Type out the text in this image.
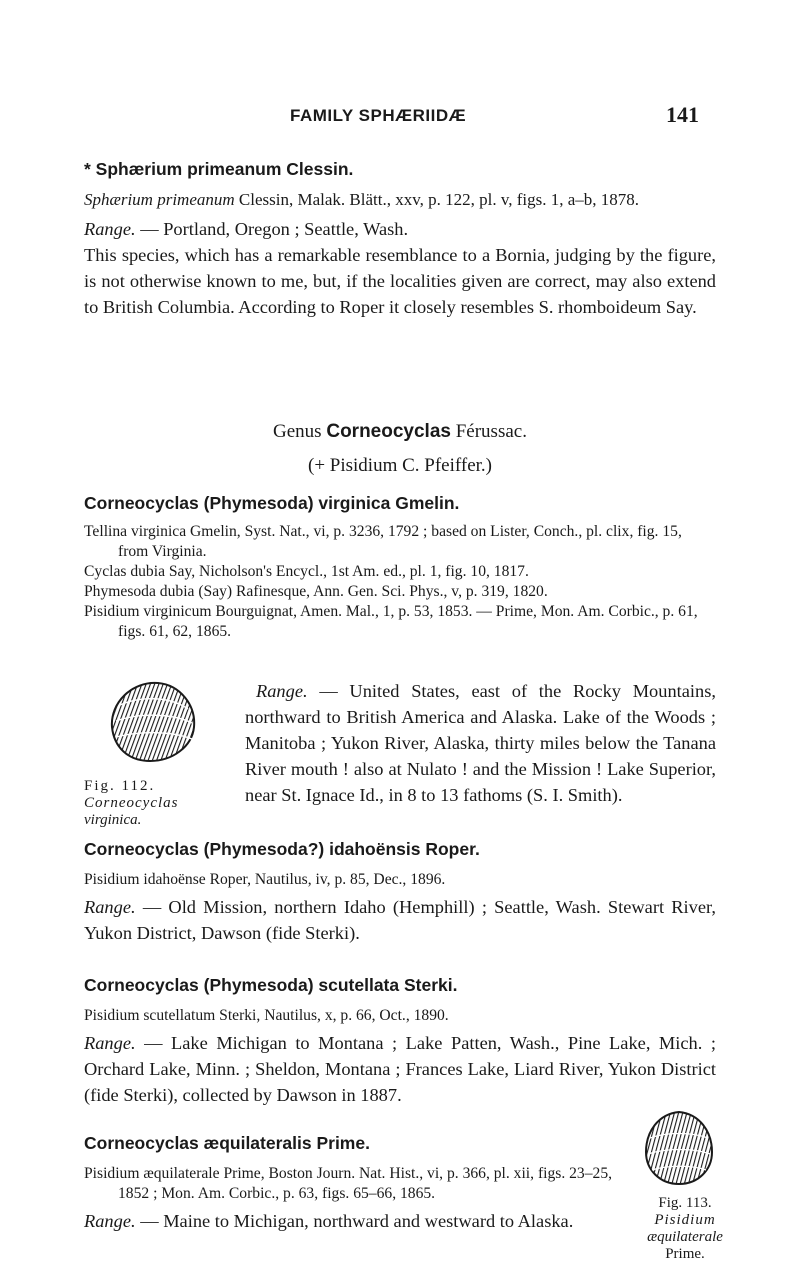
FAMILY SPHÆRIIDÆ	141
* Sphærium primeanum Clessin.

Sphærium primeanum Clessin, Malak. Blätt., xxv, p. 122, pl. v, figs. 1, a–b, 1878.

Range. — Portland, Oregon ; Seattle, Wash.

This species, which has a remarkable resemblance to a Bornia, judging by the figure, is not otherwise known to me, but, if the localities given are correct, may also extend to British Columbia. According to Roper it closely resembles S. rhomboideum Say.

Genus Corneocyclas Férussac.
(+ Pisidium C. Pfeiffer.)
Corneocyclas (Phymesoda) virginica Gmelin.

Tellina virginica Gmelin, Syst. Nat., vi, p. 3236, 1792 ; based on Lister, Conch., pl. clix, fig. 15, from Virginia.

Cyclas dubia Say, Nicholson's Encycl., 1st Am. ed., pl. 1, fig. 10, 1817.

Phymesoda dubia (Say) Rafinesque, Ann. Gen. Sci. Phys., v, p. 319, 1820.

Pisidium virginicum Bourguignat, Amen. Mal., 1, p. 53, 1853. — Prime, Mon. Am. Corbic., p. 61, figs. 61, 62, 1865.

Fig. 112.
Corneocyclas
virginica.

Range. — United States, east of the Rocky Mountains, northward to British America and Alaska. Lake of the Woods ; Manitoba ; Yukon River, Alaska, thirty miles below the Tanana River mouth ! also at Nulato ! and the Mission ! Lake Superior, near St. Ignace Id., in 8 to 13 fathoms (S. I. Smith).

Corneocyclas (Phymesoda?) idahoënsis Roper.

Pisidium idahoënse Roper, Nautilus, iv, p. 85, Dec., 1896.

Range. — Old Mission, northern Idaho (Hemphill) ; Seattle, Wash. Stewart River, Yukon District, Dawson (fide Sterki).

Corneocyclas (Phymesoda) scutellata Sterki.

Pisidium scutellatum Sterki, Nautilus, x, p. 66, Oct., 1890.

Range. — Lake Michigan to Montana ; Lake Patten, Wash., Pine Lake, Mich. ; Orchard Lake, Minn. ; Sheldon, Montana ; Frances Lake, Liard River, Yukon District (fide Sterki), collected by Dawson in 1887.

Corneocyclas æquilateralis Prime.

Pisidium æquilaterale Prime, Boston Journ. Nat. Hist., vi, p. 366, pl. xii, figs. 23–25, 1852 ; Mon. Am. Corbic., p. 63, figs. 65–66, 1865.

Range. — Maine to Michigan, northward and westward to Alaska.

Fig. 113.
Pisidium
æquilaterale
Prime.
